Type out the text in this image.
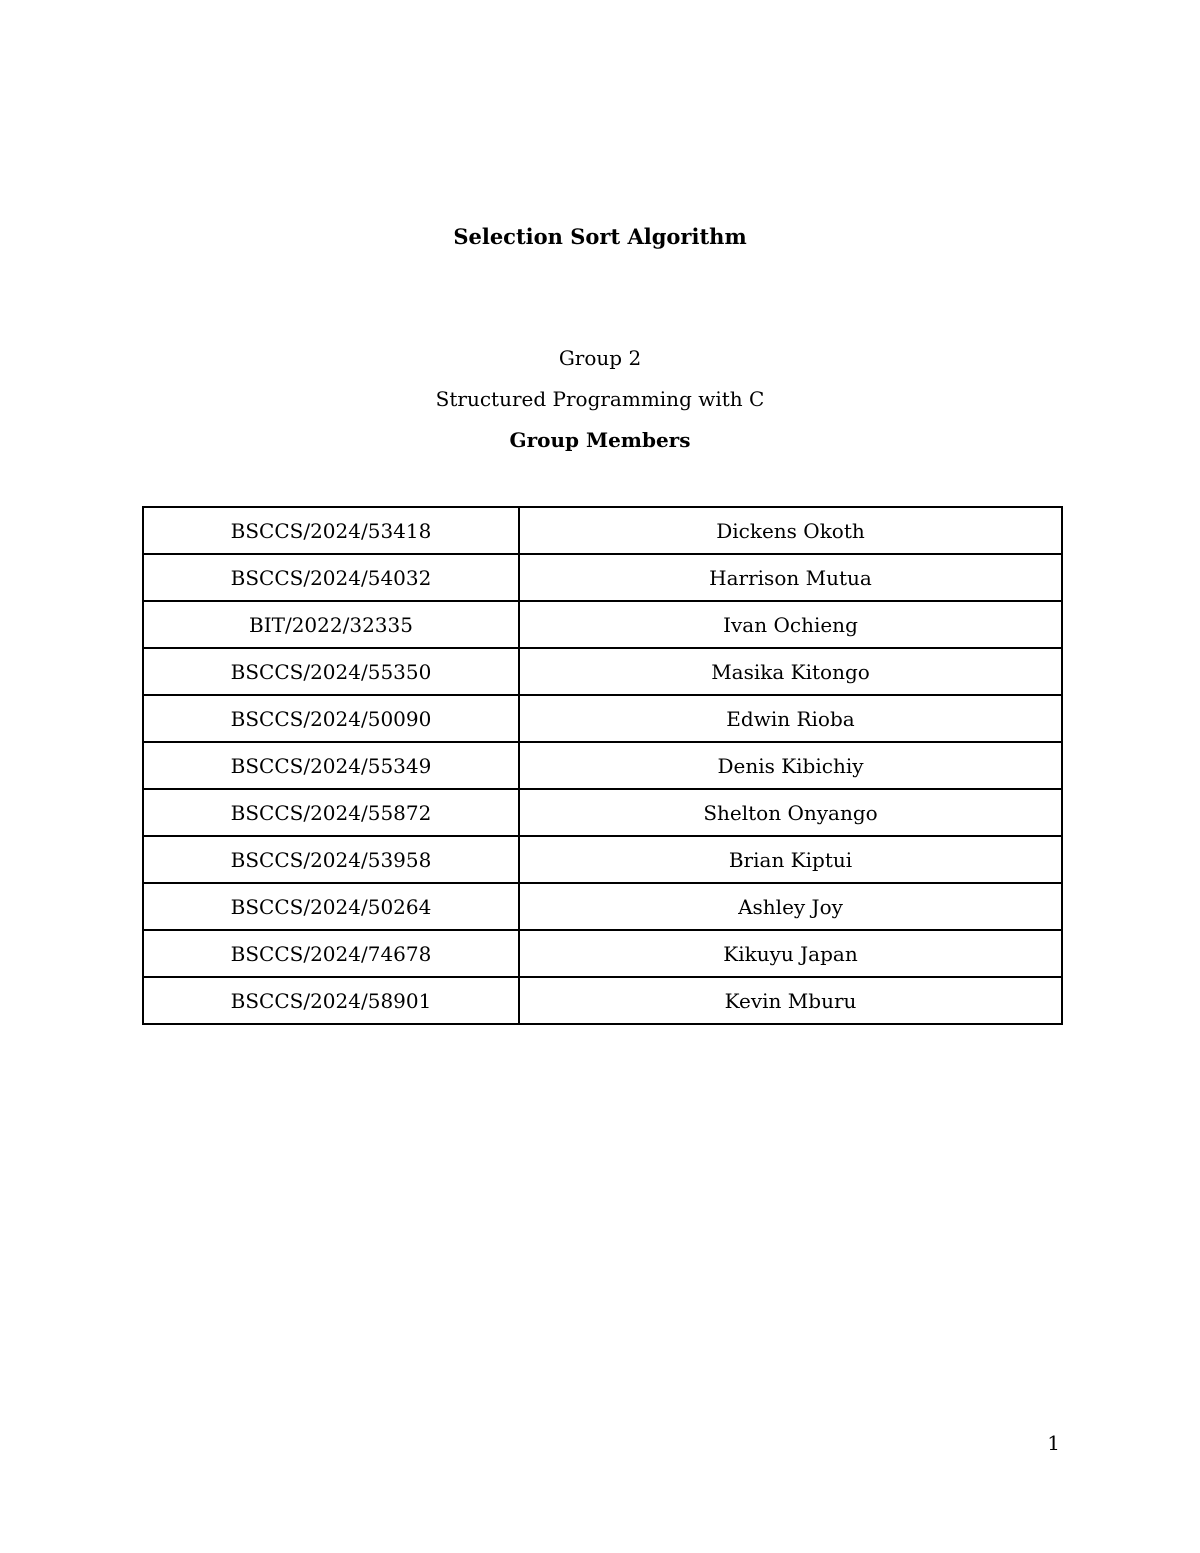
Selection Sort Algorithm
Group 2
Structured Programming with C
Group Members
BSCCS/2024/53418	Dickens Okoth
BSCCS/2024/54032	Harrison Mutua
BIT/2022/32335	Ivan Ochieng
BSCCS/2024/55350	Masika Kitongo
BSCCS/2024/50090	Edwin Rioba
BSCCS/2024/55349	Denis Kibichiy
BSCCS/2024/55872	Shelton Onyango
BSCCS/2024/53958	Brian Kiptui
BSCCS/2024/50264	Ashley Joy
BSCCS/2024/74678	Kikuyu Japan
BSCCS/2024/58901	Kevin Mburu
1
